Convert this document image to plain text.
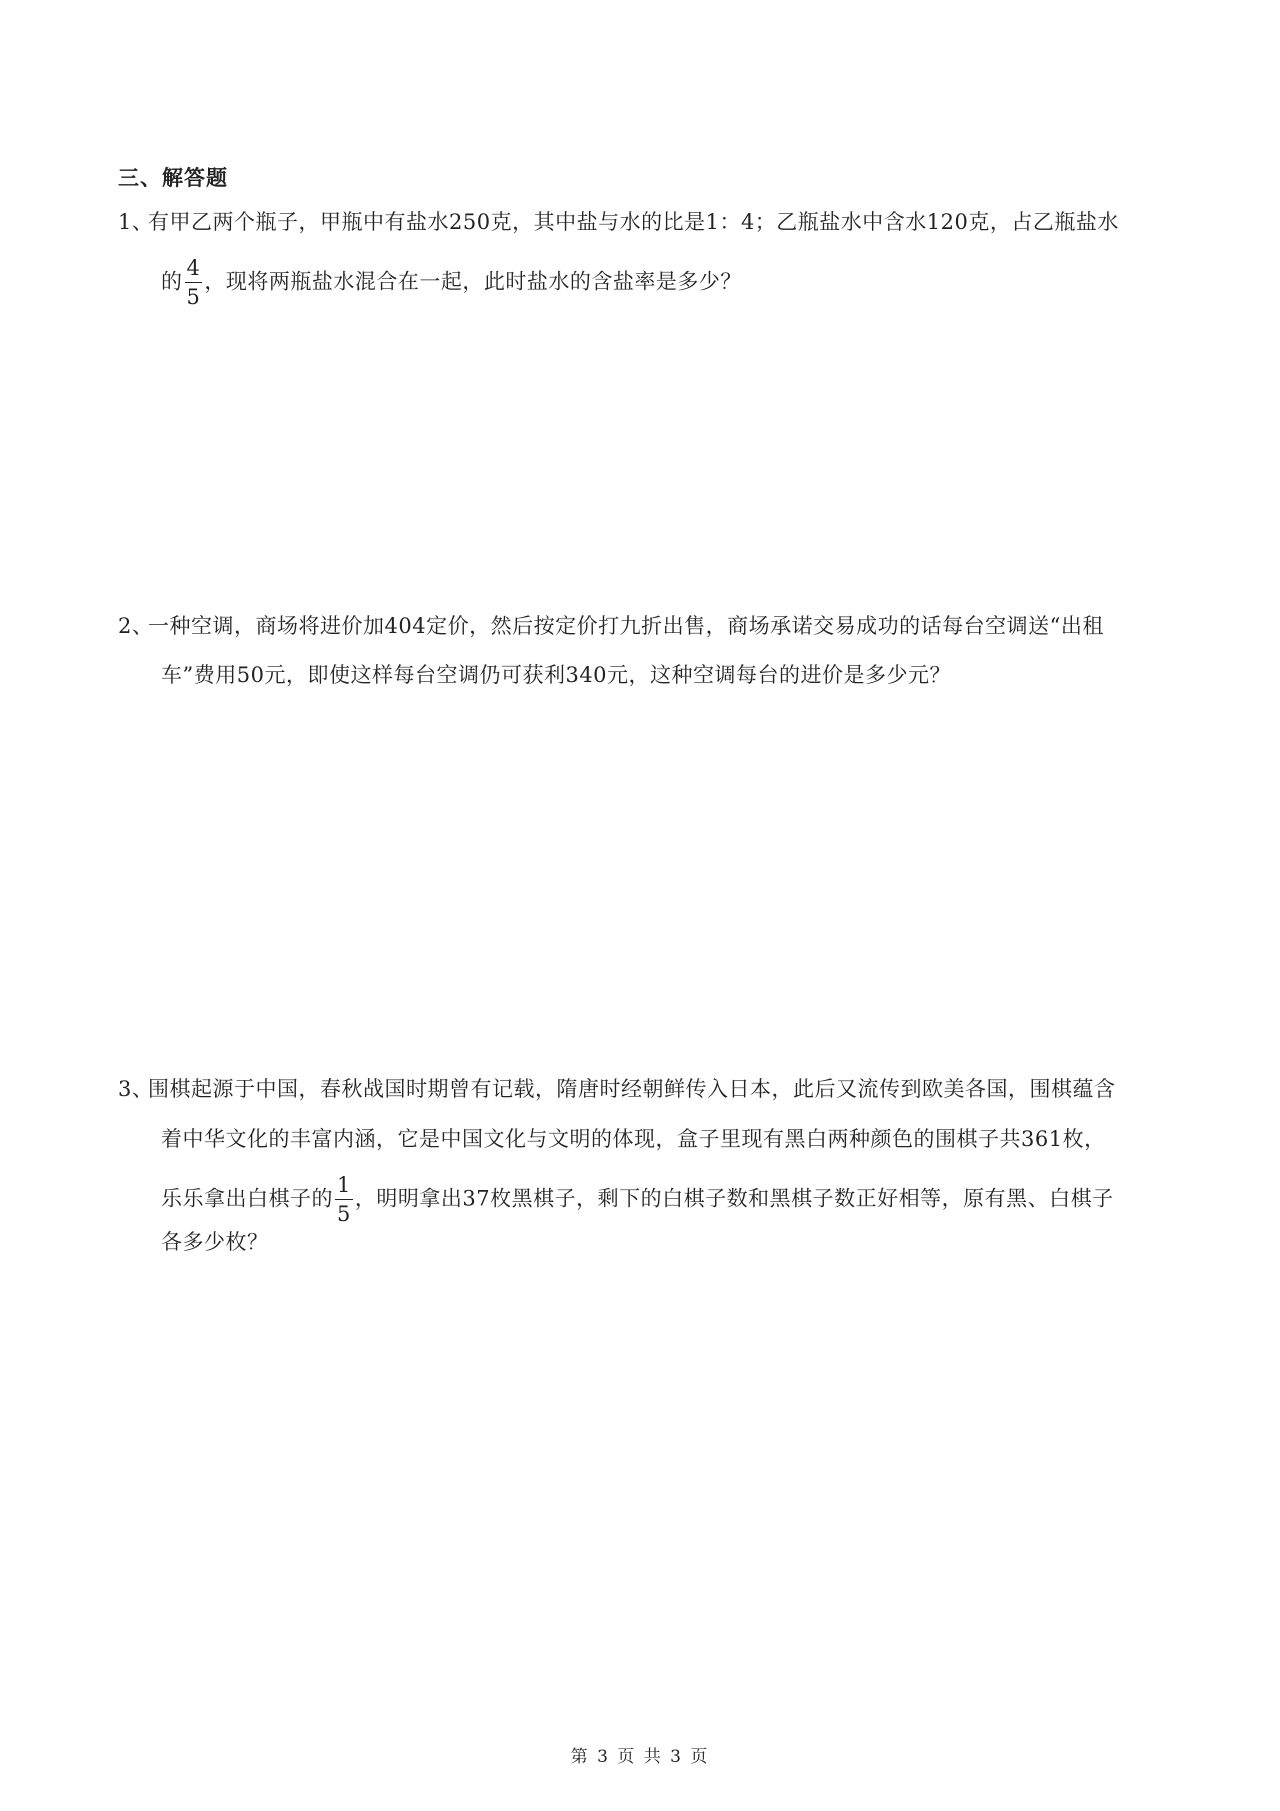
三、解答题
1、有甲乙两个瓶子，甲瓶中有盐水250克，其中盐与水的比是1：4；乙瓶盐水中含水120克，占乙瓶盐水
的 $\frac{4}{5}$ ，现将两瓶盐水混合在一起，此时盐水的含盐率是多少？
2、一种空调，商场将进价加404定价，然后按定价打九折出售，商场承诺交易成功的话每台空调送“出租
车”费用50元，即使这样每台空调仍可获利340元，这种空调每台的进价是多少元？
3、围棋起源于中国，春秋战国时期曾有记载，隋唐时经朝鲜传入日本，此后又流传到欧美各国，围棋蕴含
着中华文化的丰富内涵，它是中国文化与文明的体现，盒子里现有黑白两种颜色的围棋子共361枚，
乐乐拿出白棋子的 $\frac{1}{5}$ ，明明拿出37枚黑棋子，剩下的白棋子数和黑棋子数正好相等，原有黑、白棋子
各多少枚？
第 3 页 共 3 页
